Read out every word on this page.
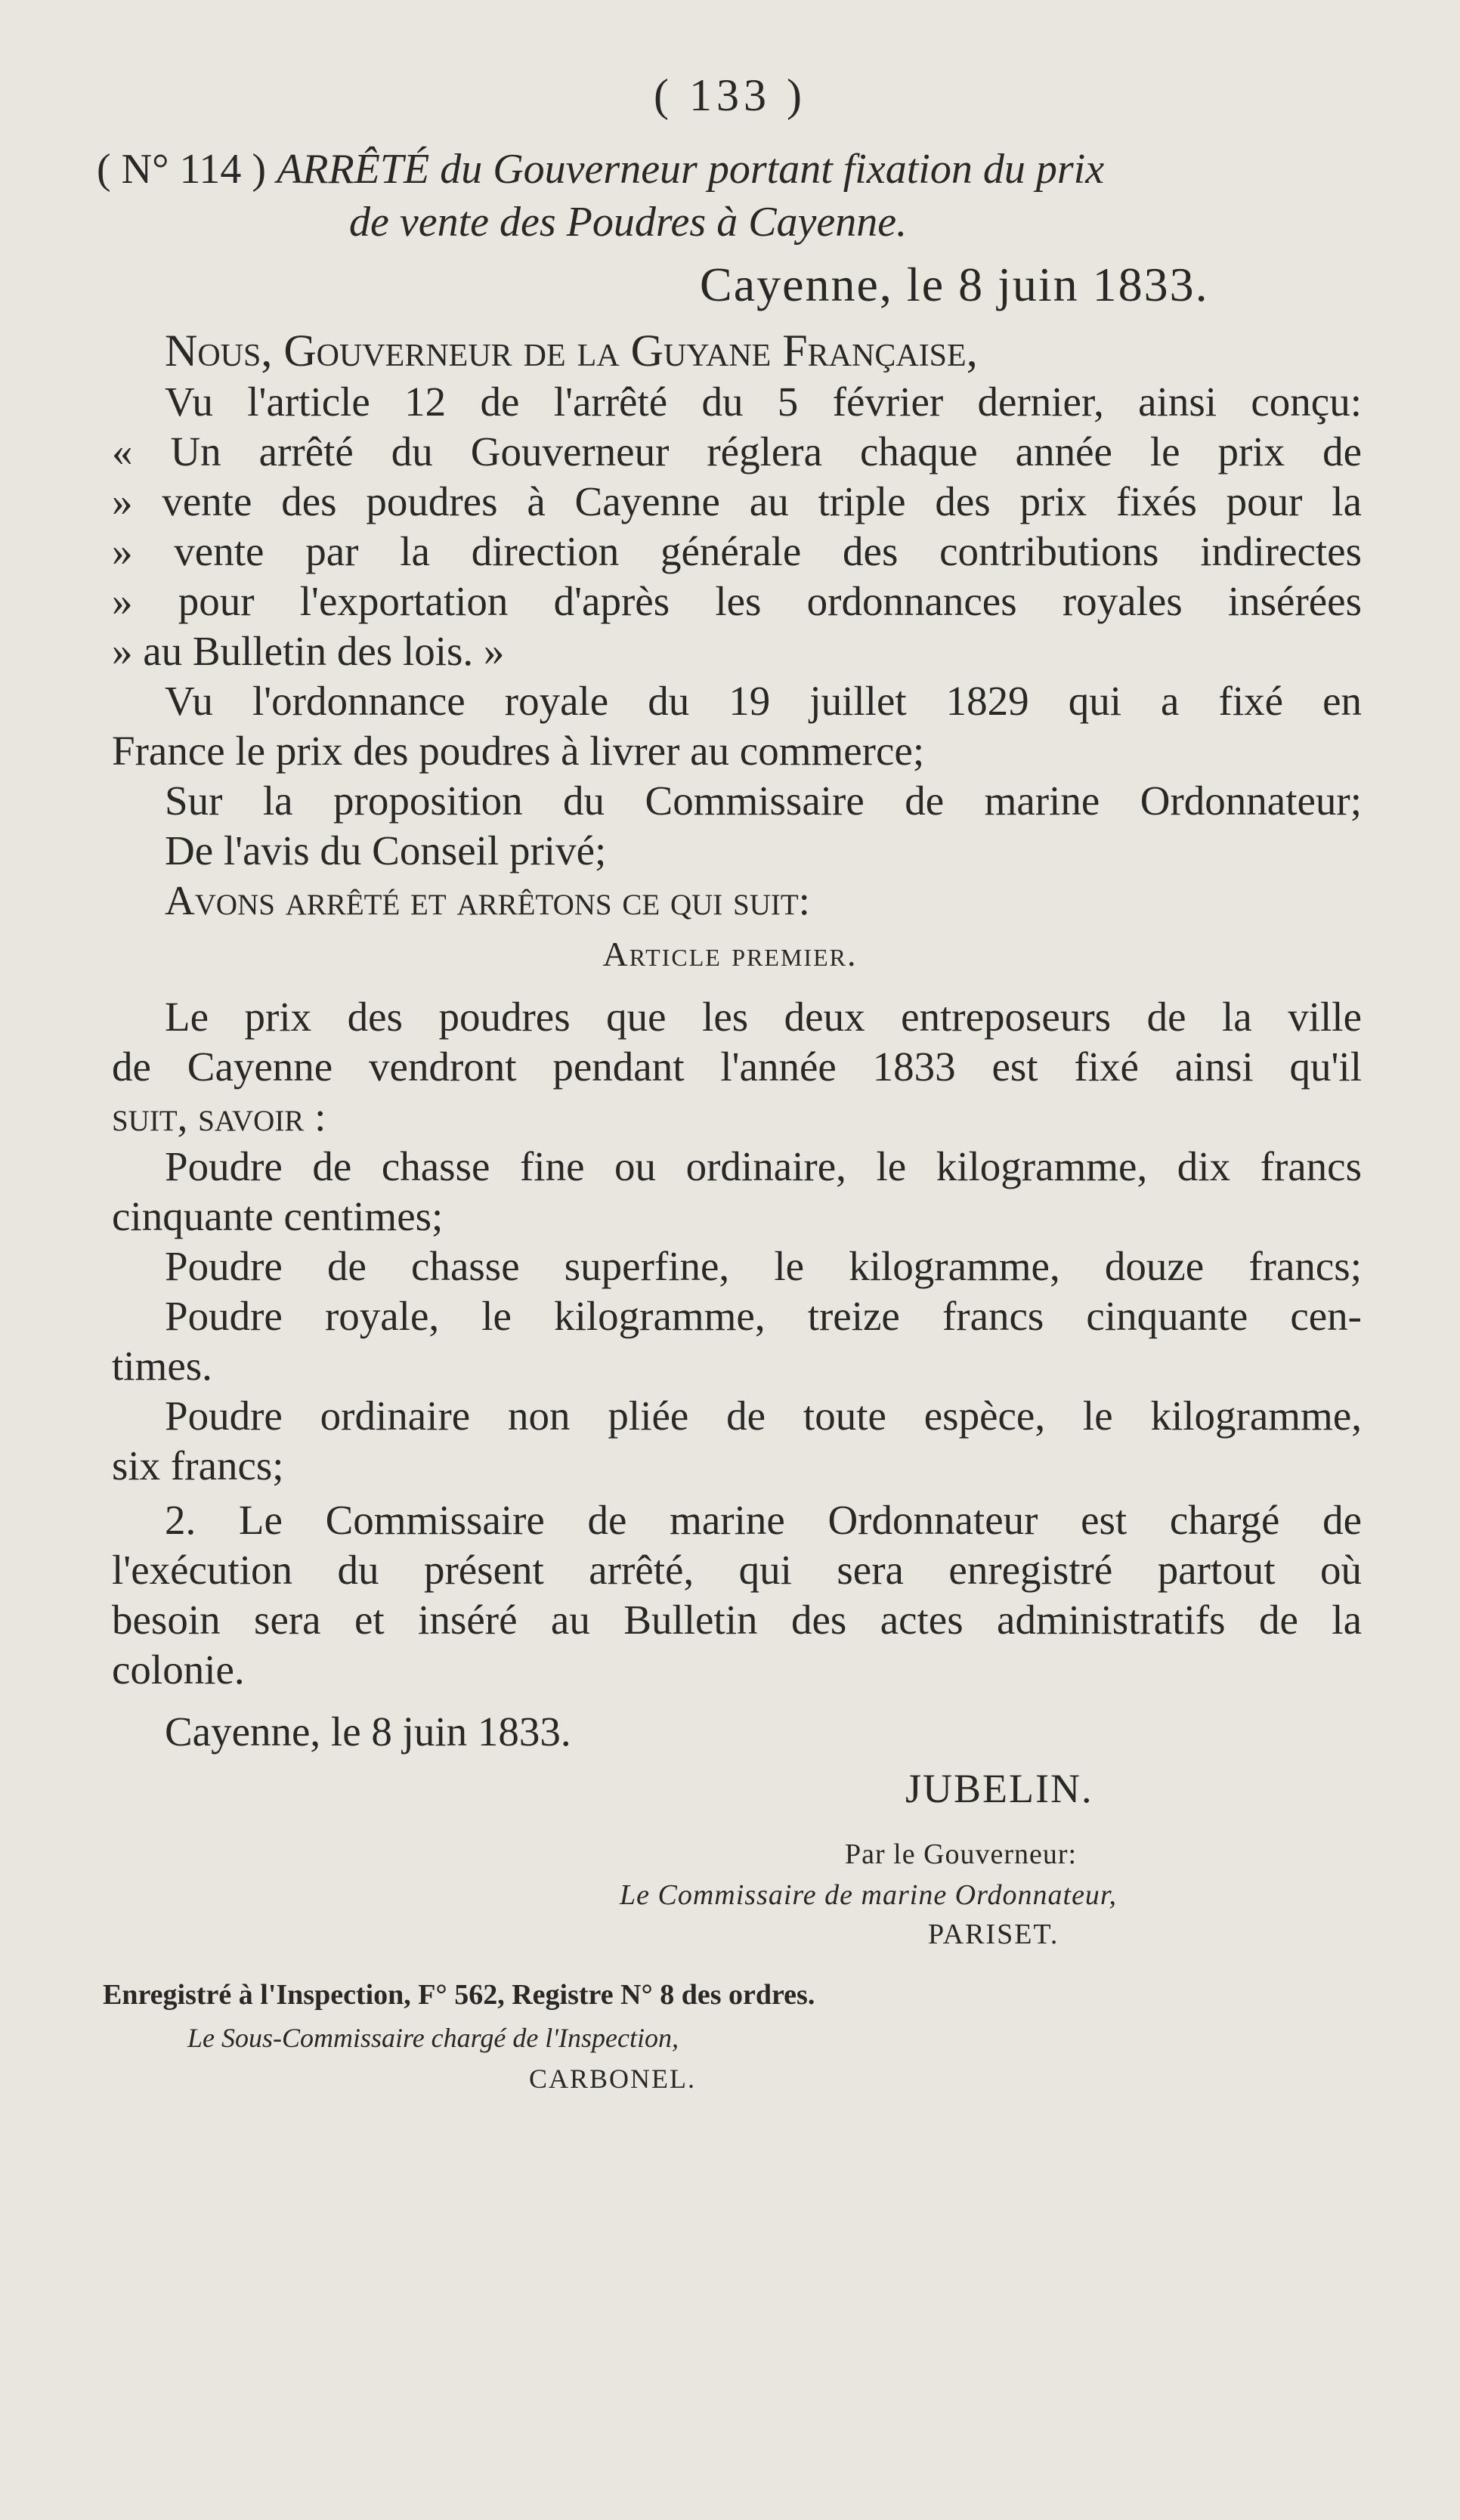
( 133 )
( N° 114 ) ARRÊTÉ du Gouverneur portant fixation du prix
de vente des Poudres à Cayenne.
Cayenne, le 8 juin 1833.
Nous, Gouverneur de la Guyane Française,
Vu l'article 12 de l'arrêté du 5 février dernier, ainsi conçu:
« Un arrêté du Gouverneur réglera chaque année le prix de
» vente des poudres à Cayenne au triple des prix fixés pour la
» vente par la direction générale des contributions indirectes
» pour l'exportation d'après les ordonnances royales insérées
» au Bulletin des lois. »
Vu l'ordonnance royale du 19 juillet 1829 qui a fixé en
France le prix des poudres à livrer au commerce;
Sur la proposition du Commissaire de marine Ordonnateur;
De l'avis du Conseil privé;
Avons arrêté et arrêtons ce qui suit:
Article premier.
Le prix des poudres que les deux entreposeurs de la ville
de Cayenne vendront pendant l'année 1833 est fixé ainsi qu'il
suit, savoir :
Poudre de chasse fine ou ordinaire, le kilogramme, dix francs
cinquante centimes;
Poudre de chasse superfine, le kilogramme, douze francs;
Poudre royale, le kilogramme, treize francs cinquante cen-
times.
Poudre ordinaire non pliée de toute espèce, le kilogramme,
six francs;
2. Le Commissaire de marine Ordonnateur est chargé de
l'exécution du présent arrêté, qui sera enregistré partout où
besoin sera et inséré au Bulletin des actes administratifs de la
colonie.
Cayenne, le 8 juin 1833.
JUBELIN.
Par le Gouverneur:
Le Commissaire de marine Ordonnateur,
PARISET.
Enregistré à l'Inspection, F° 562, Registre N° 8 des ordres.
Le Sous-Commissaire chargé de l'Inspection,
CARBONEL.
